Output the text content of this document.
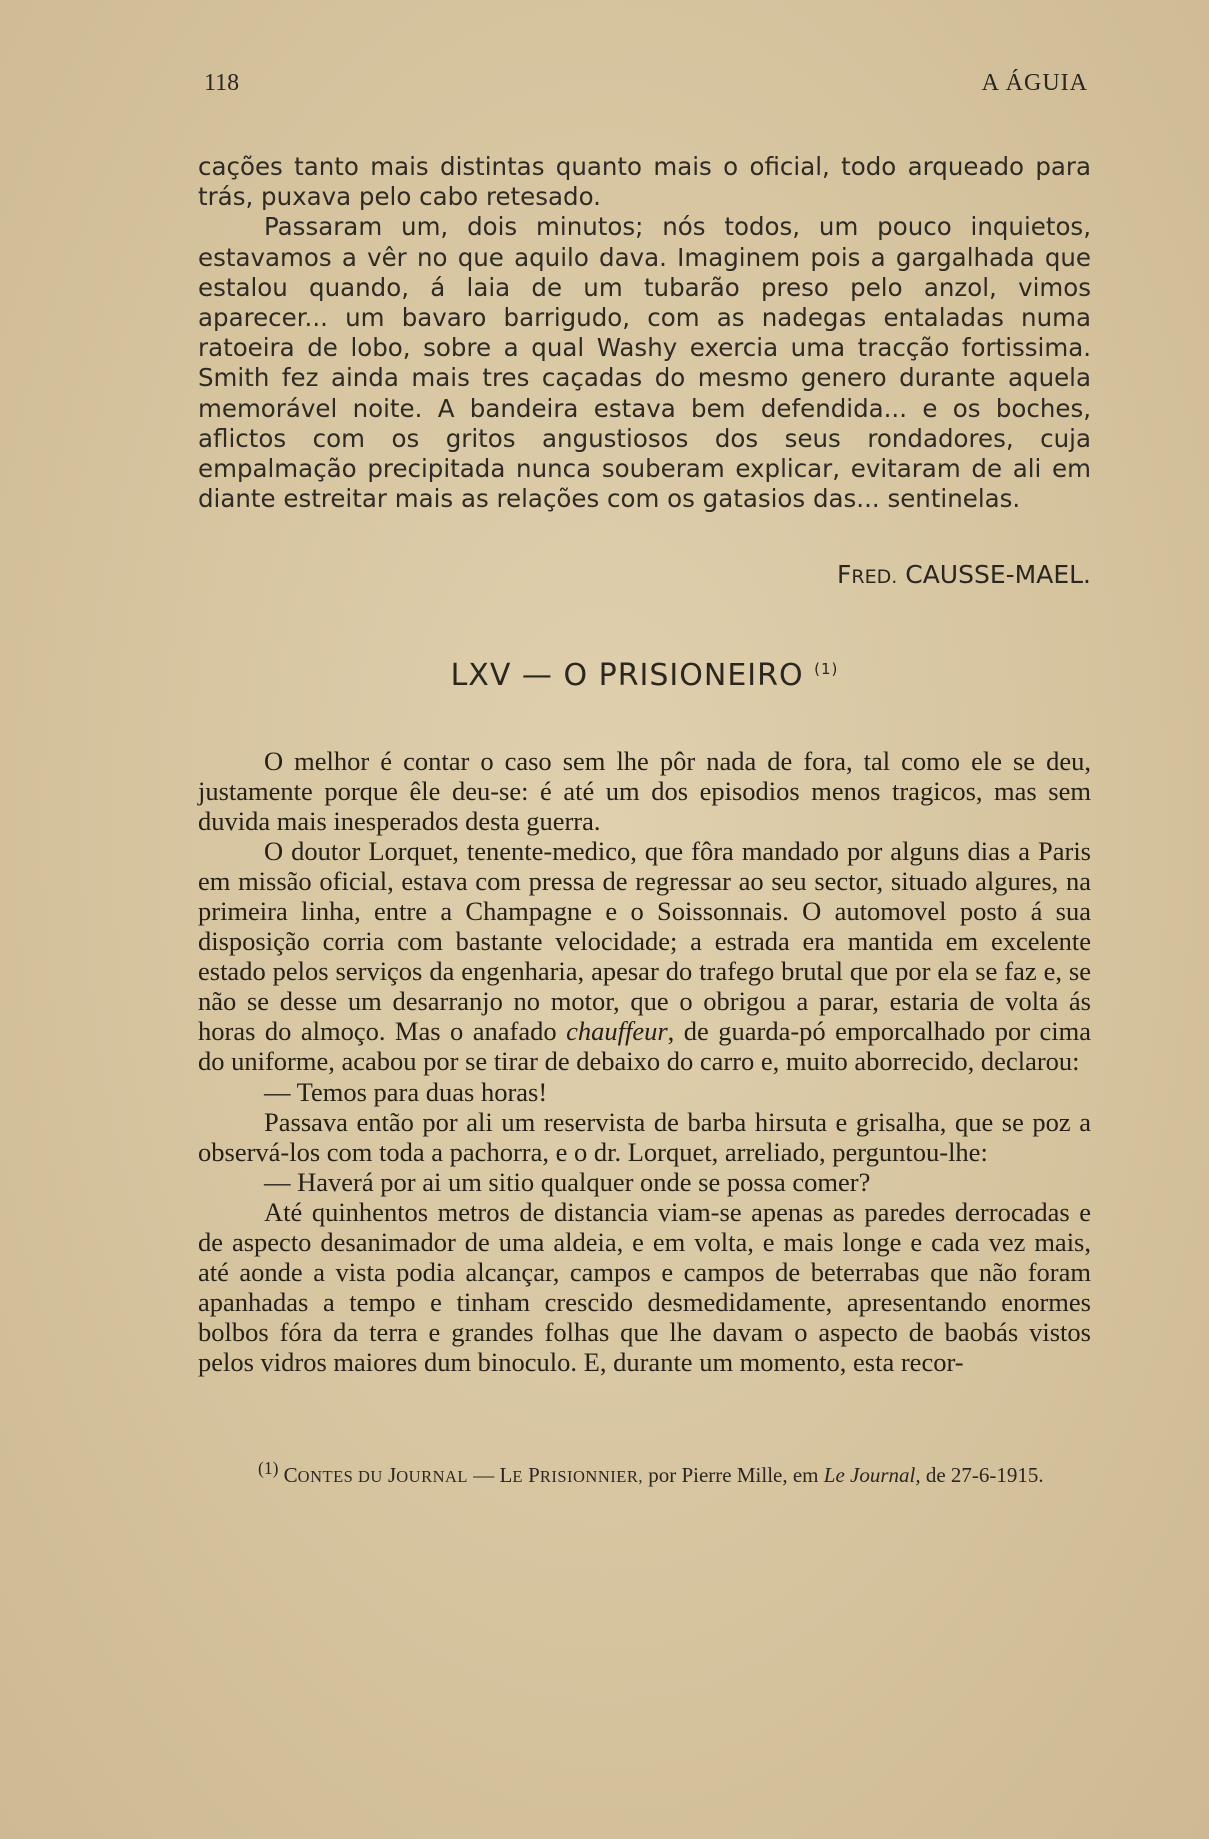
118	A ÁGUIA

cações tanto mais distintas quanto mais o oficial, todo arqueado para trás, puxava pelo cabo retesado.

Passaram um, dois minutos; nós todos, um pouco inquietos, estavamos a vêr no que aquilo dava. Imaginem pois a gargalhada que estalou quando, á laia de um tubarão preso pelo anzol, vimos aparecer... um bavaro barrigudo, com as nadegas entaladas numa ratoeira de lobo, sobre a qual Washy exercia uma tracção fortissima. Smith fez ainda mais tres caçadas do mesmo genero durante aquela memorável noite. A bandeira estava bem defendida... e os boches, aflictos com os gritos angustiosos dos seus rondadores, cuja empalmação precipitada nunca souberam explicar, evitaram de ali em diante estreitar mais as relações com os gatasios das... sentinelas.

FRED. CAUSSE-MAEL.
LXV — O PRISIONEIRO $^{(1)}$

O melhor é contar o caso sem lhe pôr nada de fora, tal como ele se deu, justamente porque êle deu-se: é até um dos episodios menos tragicos, mas sem duvida mais inesperados desta guerra.

O doutor Lorquet, tenente-medico, que fôra mandado por alguns dias a Paris em missão oficial, estava com pressa de regressar ao seu sector, situado algures, na primeira linha, entre a Champagne e o Soissonnais. O automovel posto á sua disposição corria com bastante velocidade; a estrada era mantida em excelente estado pelos serviços da engenharia, apesar do trafego brutal que por ela se faz e, se não se desse um desarranjo no motor, que o obrigou a parar, estaria de volta ás horas do almoço. Mas o anafado chauffeur, de guarda-pó emporcalhado por cima do uniforme, acabou por se tirar de debaixo do carro e, muito aborrecido, declarou:

— Temos para duas horas!

Passava então por ali um reservista de barba hirsuta e grisalha, que se poz a observá-los com toda a pachorra, e o dr. Lorquet, arreliado, perguntou-lhe:

— Haverá por ai um sitio qualquer onde se possa comer?

Até quinhentos metros de distancia viam-se apenas as paredes derrocadas e de aspecto desanimador de uma aldeia, e em volta, e mais longe e cada vez mais, até aonde a vista podia alcançar, campos e campos de beterrabas que não foram apanhadas a tempo e tinham crescido desmedidamente, apresentando enormes bolbos fóra da terra e grandes folhas que lhe davam o aspecto de baobás vistos pelos vidros maiores dum binoculo. E, durante um momento, esta recor-

$^{(1)}$ CONTES DU JOURNAL — LE PRISIONNIER, por Pierre Mille, em Le Journal, de 27-6-1915.
